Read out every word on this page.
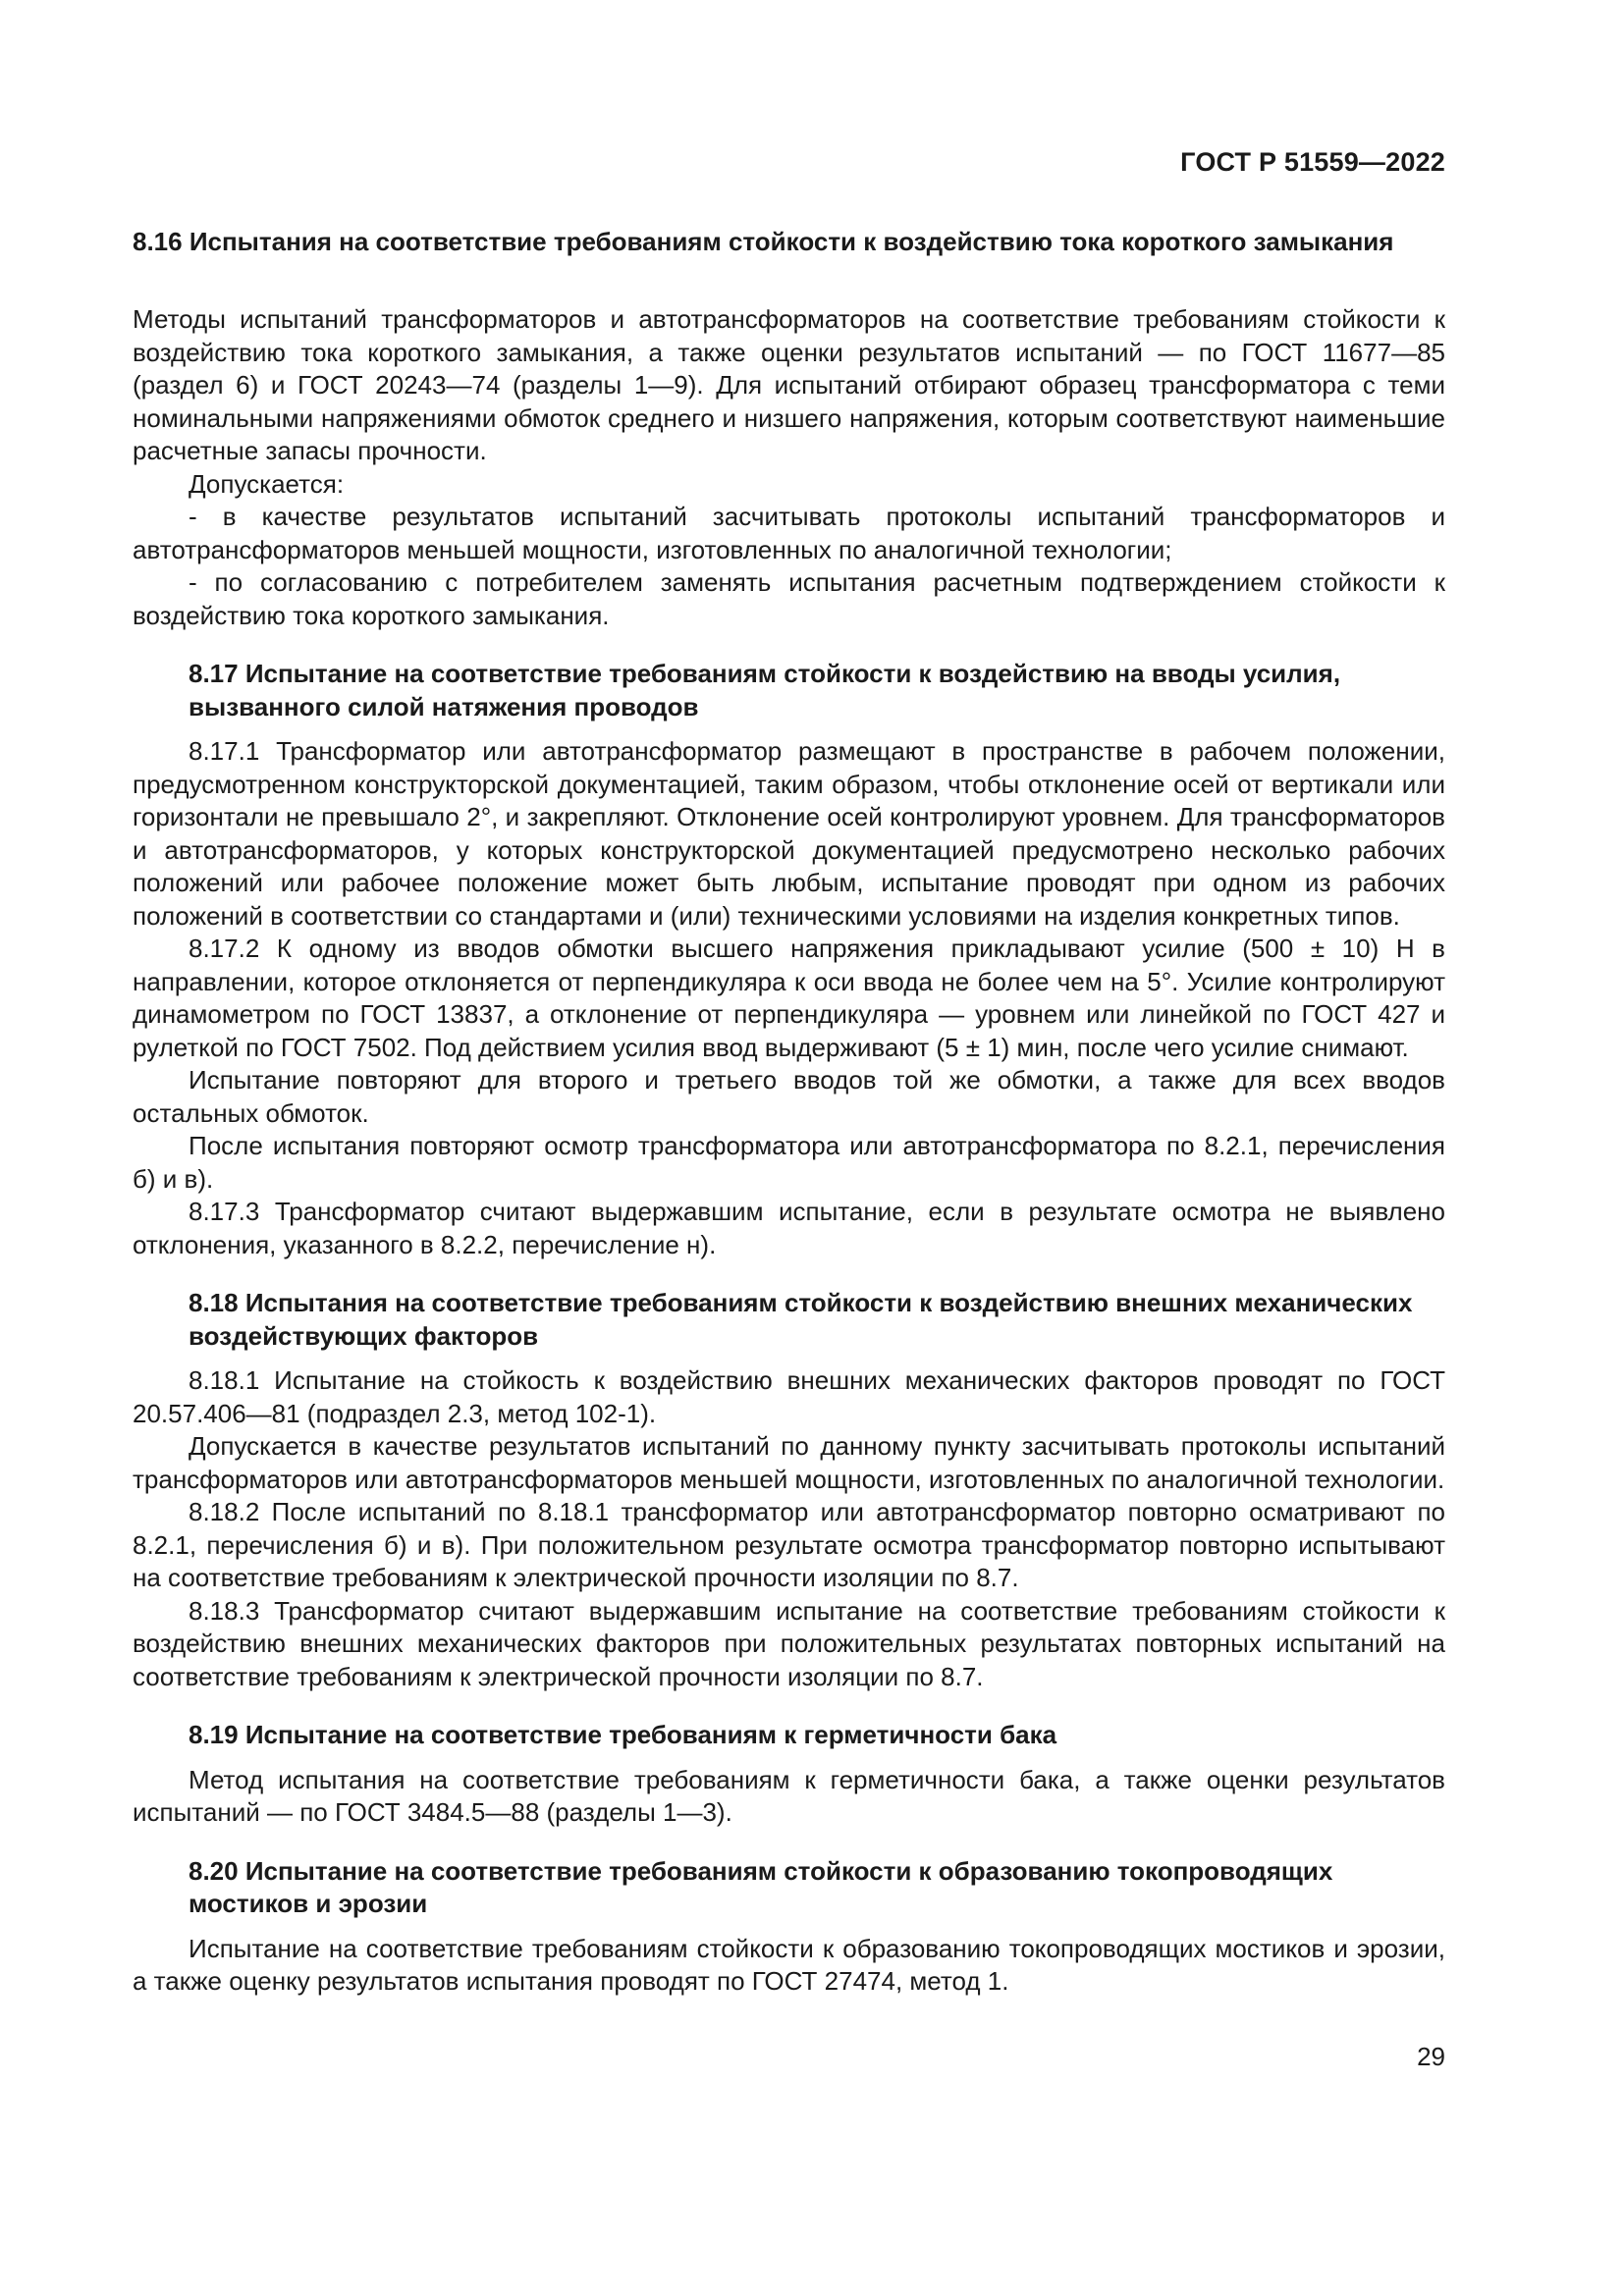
ГОСТ Р 51559—2022
8.16 Испытания на соответствие требованиям стойкости к воздействию тока короткого замыкания

Методы испытаний трансформаторов и автотрансформаторов на соответствие требованиям стойкости к воздействию тока короткого замыкания, а также оценки результатов испытаний — по ГОСТ 11677—85 (раздел 6) и ГОСТ 20243—74 (разделы 1—9). Для испытаний отбирают образец трансформатора с теми номинальными напряжениями обмоток среднего и низшего напряжения, которым соответствуют наименьшие расчетные запасы прочности.

Допускается:

- в качестве результатов испытаний засчитывать протоколы испытаний трансформаторов и автотрансформаторов меньшей мощности, изготовленных по аналогичной технологии;

- по согласованию с потребителем заменять испытания расчетным подтверждением стойкости к воздействию тока короткого замыкания.

8.17 Испытание на соответствие требованиям стойкости к воздействию на вводы усилия, вызванного силой натяжения проводов

8.17.1 Трансформатор или автотрансформатор размещают в пространстве в рабочем положении, предусмотренном конструкторской документацией, таким образом, чтобы отклонение осей от вертикали или горизонтали не превышало 2°, и закрепляют. Отклонение осей контролируют уровнем. Для трансформаторов и автотрансформаторов, у которых конструкторской документацией предусмотрено несколько рабочих положений или рабочее положение может быть любым, испытание проводят при одном из рабочих положений в соответствии со стандартами и (или) техническими условиями на изделия конкретных типов.

8.17.2 К одному из вводов обмотки высшего напряжения прикладывают усилие (500 ± 10) Н в направлении, которое отклоняется от перпендикуляра к оси ввода не более чем на 5°. Усилие контролируют динамометром по ГОСТ 13837, а отклонение от перпендикуляра — уровнем или линейкой по ГОСТ 427 и рулеткой по ГОСТ 7502. Под действием усилия ввод выдерживают (5 ± 1) мин, после чего усилие снимают.

Испытание повторяют для второго и третьего вводов той же обмотки, а также для всех вводов остальных обмоток.

После испытания повторяют осмотр трансформатора или автотрансформатора по 8.2.1, перечисления б) и в).

8.17.3 Трансформатор считают выдержавшим испытание, если в результате осмотра не выявлено отклонения, указанного в 8.2.2, перечисление н).

8.18 Испытания на соответствие требованиям стойкости к воздействию внешних механических воздействующих факторов

8.18.1 Испытание на стойкость к воздействию внешних механических факторов проводят по ГОСТ 20.57.406—81 (подраздел 2.3, метод 102-1).

Допускается в качестве результатов испытаний по данному пункту засчитывать протоколы испытаний трансформаторов или автотрансформаторов меньшей мощности, изготовленных по аналогичной технологии.

8.18.2 После испытаний по 8.18.1 трансформатор или автотрансформатор повторно осматривают по 8.2.1, перечисления б) и в). При положительном результате осмотра трансформатор повторно испытывают на соответствие требованиям к электрической прочности изоляции по 8.7.

8.18.3 Трансформатор считают выдержавшим испытание на соответствие требованиям стойкости к воздействию внешних механических факторов при положительных результатах повторных испытаний на соответствие требованиям к электрической прочности изоляции по 8.7.

8.19 Испытание на соответствие требованиям к герметичности бака

Метод испытания на соответствие требованиям к герметичности бака, а также оценки результатов испытаний — по ГОСТ 3484.5—88 (разделы 1—3).

8.20 Испытание на соответствие требованиям стойкости к образованию токопроводящих мостиков и эрозии

Испытание на соответствие требованиям стойкости к образованию токопроводящих мостиков и эрозии, а также оценку результатов испытания проводят по ГОСТ 27474, метод 1.

29
